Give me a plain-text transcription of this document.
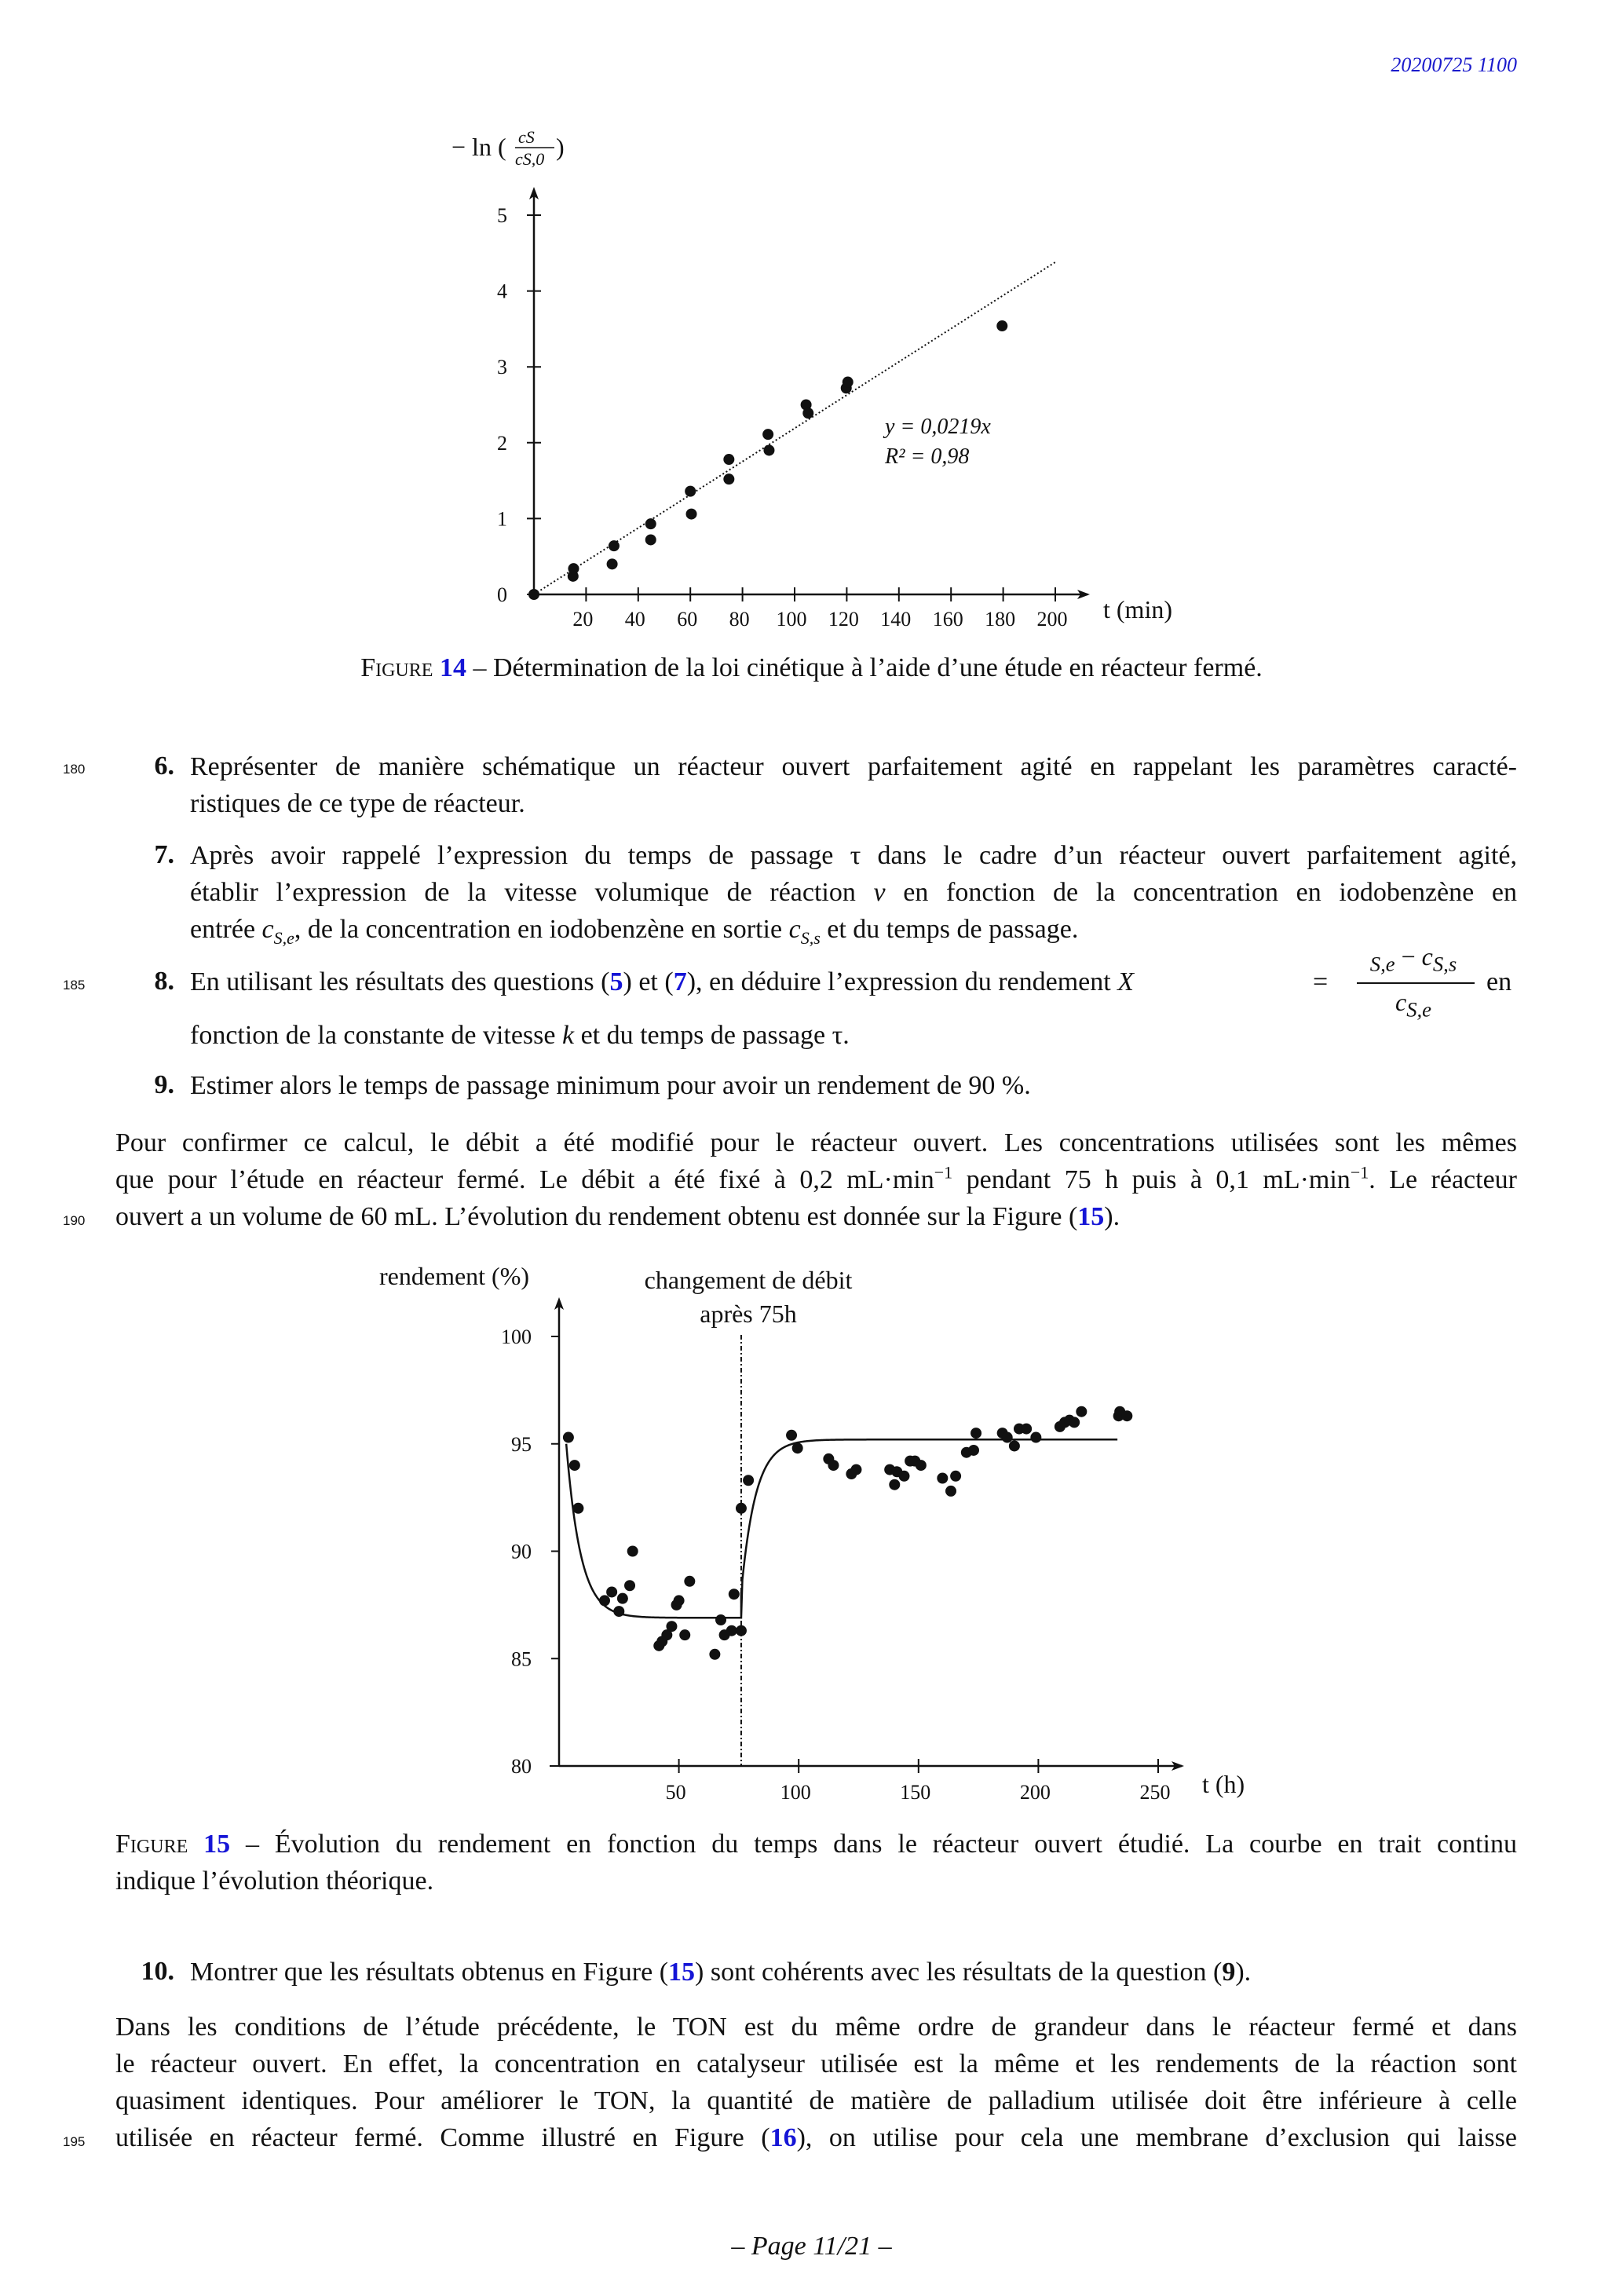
20200725 1100
20 40 60 80 100 120 140 160 180 200
0
1
2
3
4
5
t (min)
− ln ( cS
cS,0 )
y = 0,0219x
R² = 0,98
Figure 14 – Détermination de la loi cinétique à l’aide d’une étude en réacteur fermé.
180
185
190
195
6. Représenter de manière schématique un réacteur ouvert parfaitement agité en rappelant les paramètres caracté-
ristiques de ce type de réacteur.
7. Après avoir rappelé l’expression du temps de passage τ dans le cadre d’un réacteur ouvert parfaitement agité,
établir l’expression de la vitesse volumique de réaction v en fonction de la concentration en iodobenzène en
entrée $c_{S,e}$, de la concentration en iodobenzène en sortie $c_{S,s}$ et du temps de passage.
8. En utilisant les résultats des questions (5) et (7), en déduire l’expression du rendement X	=
$_{S,e} - c_{S,s}$
$c_{S,e}$
en
fonction de la constante de vitesse k et du temps de passage τ.
9. Estimer alors le temps de passage minimum pour avoir un rendement de 90 %.
Pour confirmer ce calcul, le débit a été modifié pour le réacteur ouvert. Les concentrations utilisées sont les mêmes
que pour l’étude en réacteur fermé. Le débit a été fixé à 0,2 $mL\cdot\min^{-1}$ pendant 75 h puis à 0,1 $mL\cdot\min^{-1}$. Le réacteur
ouvert a un volume de 60 mL. L’évolution du rendement obtenu est donnée sur la Figure (15).
50	100	150	200	250
80
85
90
95
100
t (h)
rendement (%)	changement de débit
après 75h
Figure 15 – Évolution du rendement en fonction du temps dans le réacteur ouvert étudié. La courbe en trait continu
indique l’évolution théorique.
10. Montrer que les résultats obtenus en Figure (15) sont cohérents avec les résultats de la question (9).
Dans les conditions de l’étude précédente, le TON est du même ordre de grandeur dans le réacteur fermé et dans
le réacteur ouvert. En effet, la concentration en catalyseur utilisée est la même et les rendements de la réaction sont
quasiment identiques. Pour améliorer le TON, la quantité de matière de palladium utilisée doit être inférieure à celle
utilisée en réacteur fermé. Comme illustré en Figure (16), on utilise pour cela une membrane d’exclusion qui laisse
– Page 11/21 –
